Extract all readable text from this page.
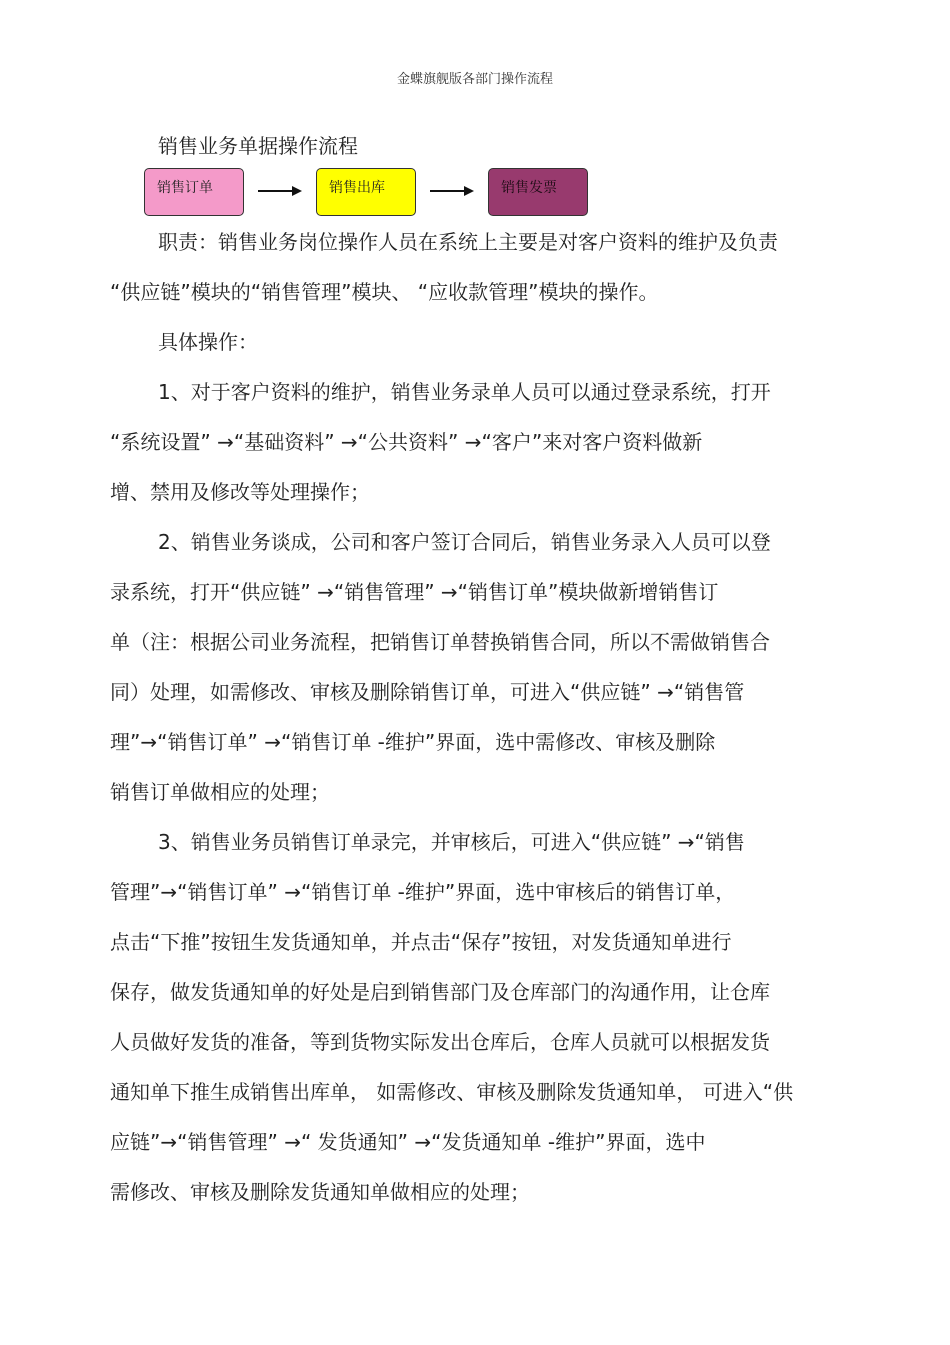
金蝶旗舰版各部门操作流程
销售业务单据操作流程
销售订单	销售出库	销售发票
职责：销售业务岗位操作人员在系统上主要是对客户资料的维护及负责
“供应链”模块的“销售管理”模块、 “应收款管理”模块的操作。
具体操作：
1、对于客户资料的维护，销售业务录单人员可以通过登录系统，打开
“系统设置” →“基础资料” →“公共资料” →“客户”来对客户资料做新
增、禁用及修改等处理操作；
2、销售业务谈成，公司和客户签订合同后，销售业务录入人员可以登
录系统，打开“供应链” →“销售管理” →“销售订单”模块做新增销售订
单（注：根据公司业务流程，把销售订单替换销售合同，所以不需做销售合
同）处理，如需修改、审核及删除销售订单，可进入“供应链” →“销售管
理”→“销售订单” →“销售订单 -维护”界面，选中需修改、审核及删除
销售订单做相应的处理；
3、销售业务员销售订单录完，并审核后，可进入“供应链” →“销售
管理”→“销售订单” →“销售订单 -维护”界面，选中审核后的销售订单，
点击“下推”按钮生发货通知单，并点击“保存”按钮，对发货通知单进行
保存，做发货通知单的好处是启到销售部门及仓库部门的沟通作用，让仓库
人员做好发货的准备，等到货物实际发出仓库后，仓库人员就可以根据发货
通知单下推生成销售出库单， 如需修改、审核及删除发货通知单， 可进入“供
应链”→“销售管理” →“ 发货通知” →“发货通知单 -维护”界面，选中
需修改、审核及删除发货通知单做相应的处理；
